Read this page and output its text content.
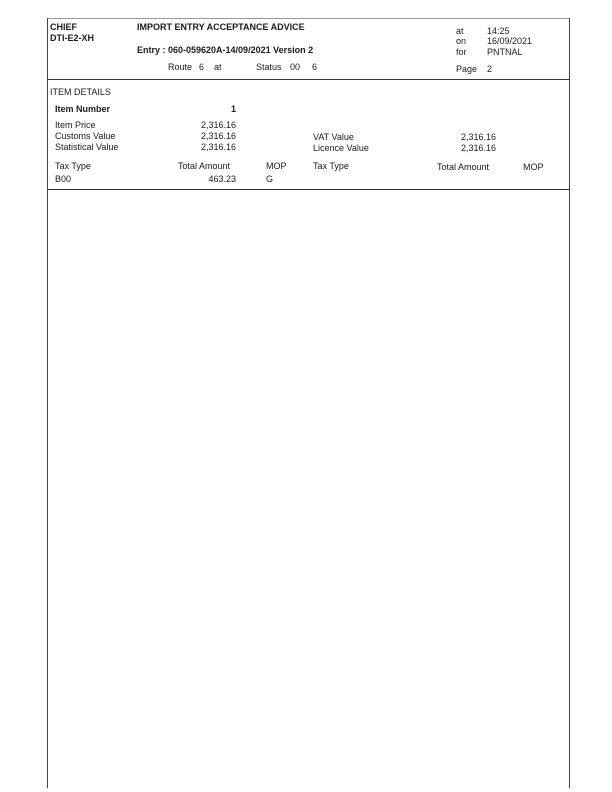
CHIEF
DTI-E2-XH
IMPORT ENTRY ACCEPTANCE ADVICE
Entry : 060-059620A-14/09/2021 Version 2
Route 6 at	Status 00 6
at	14:25
on 16/09/2021
for PNTNAL
Page 2
ITEM DETAILS
Item Number	1
Item Price	2,316.16
Customs Value	2,316.16
Statistical Value	2,316.16
VAT Value	2,316.16
Licence Value	2,316.16
Tax Type	Total Amount	MOP	Tax Type	Total Amount	MOP
B00	463.23	G
